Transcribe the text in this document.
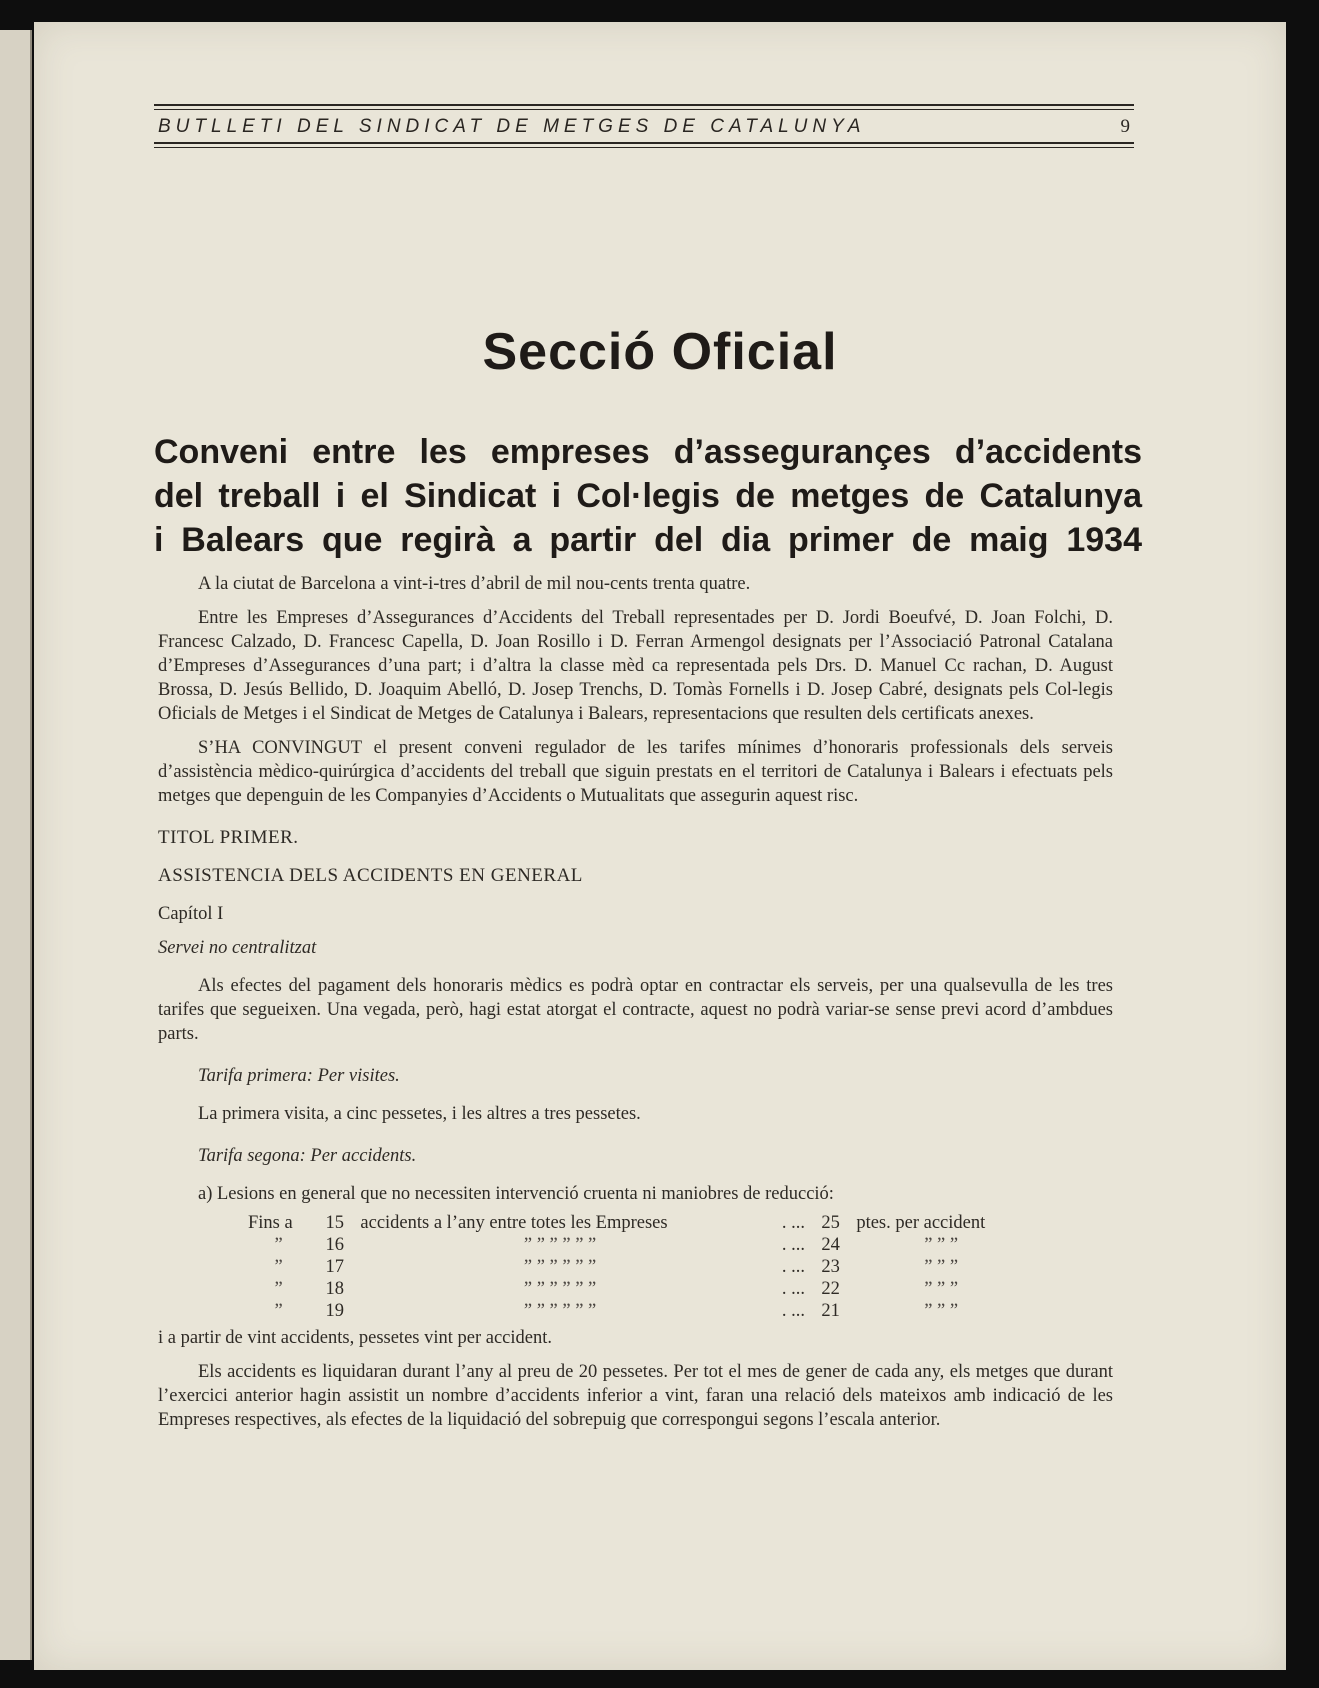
BUTLLETI DEL SINDICAT DE METGES DE CATALUNYA	9
Secció Oficial
Conveni entre les empreses d’assegurançes d’accidents
del treball i el Sindicat i Col·legis de metges de Catalunya
i Balears que regirà a partir del dia primer de maig 1934

A la ciutat de Barcelona a vint-i-tres d’abril de mil nou-cents trenta quatre.

Entre les Empreses d’Assegurances d’Accidents del Treball representades per D. Jordi Boeufvé, D. Joan Folchi, D. Francesc Calzado, D. Francesc Capella, D. Joan Rosillo i D. Ferran Armengol designats per l’Associació Patronal Catalana d’Empreses d’Assegurances d’una part; i d’altra la classe mèd ca representada pels Drs. D. Manuel Cc rachan, D. August Brossa, D. Jesús Bellido, D. Joaquim Abelló, D. Josep Trenchs, D. Tomàs Fornells i D. Josep Cabré, designats pels Col-legis Oficials de Metges i el Sindicat de Metges de Catalunya i Balears, representacions que resulten dels certificats anexes.

S’HA CONVINGUT el present conveni regulador de les tarifes mínimes d’honoraris professionals dels serveis d’assistència mèdico-quirúrgica d’accidents del treball que siguin prestats en el territori de Catalunya i Balears i efectuats pels metges que depenguin de les Companyies d’Accidents o Mutualitats que assegurin aquest risc.

TITOL PRIMER.

ASSISTENCIA DELS ACCIDENTS EN GENERAL

Capítol I

Servei no centralitzat

Als efectes del pagament dels honoraris mèdics es podrà optar en contractar els serveis, per una qualsevulla de les tres tarifes que segueixen. Una vegada, però, hagi estat atorgat el contracte, aquest no podrà variar-se sense previ acord d’ambdues parts.

Tarifa primera: Per visites.

La primera visita, a cinc pessetes, i les altres a tres pessetes.

Tarifa segona: Per accidents.

a) Lesions en general que no necessiten intervenció cruenta ni maniobres de reducció:

Fins a	15	accidents a l’any entre totes les Empreses	. ...	25	ptes. per accident
”	16	” ” ” ” ” ”	. ...	24	” ” ”
”	17	” ” ” ” ” ”	. ...	23	” ” ”
”	18	” ” ” ” ” ”	. ...	22	” ” ”
”	19	” ” ” ” ” ”	. ...	21	” ” ”

i a partir de vint accidents, pessetes vint per accident.

Els accidents es liquidaran durant l’any al preu de 20 pessetes. Per tot el mes de gener de cada any, els metges que durant l’exercici anterior hagin assistit un nombre d’accidents inferior a vint, faran una relació dels mateixos amb indicació de les Empreses respectives, als efectes de la liquidació del sobrepuig que correspongui segons l’escala anterior.
